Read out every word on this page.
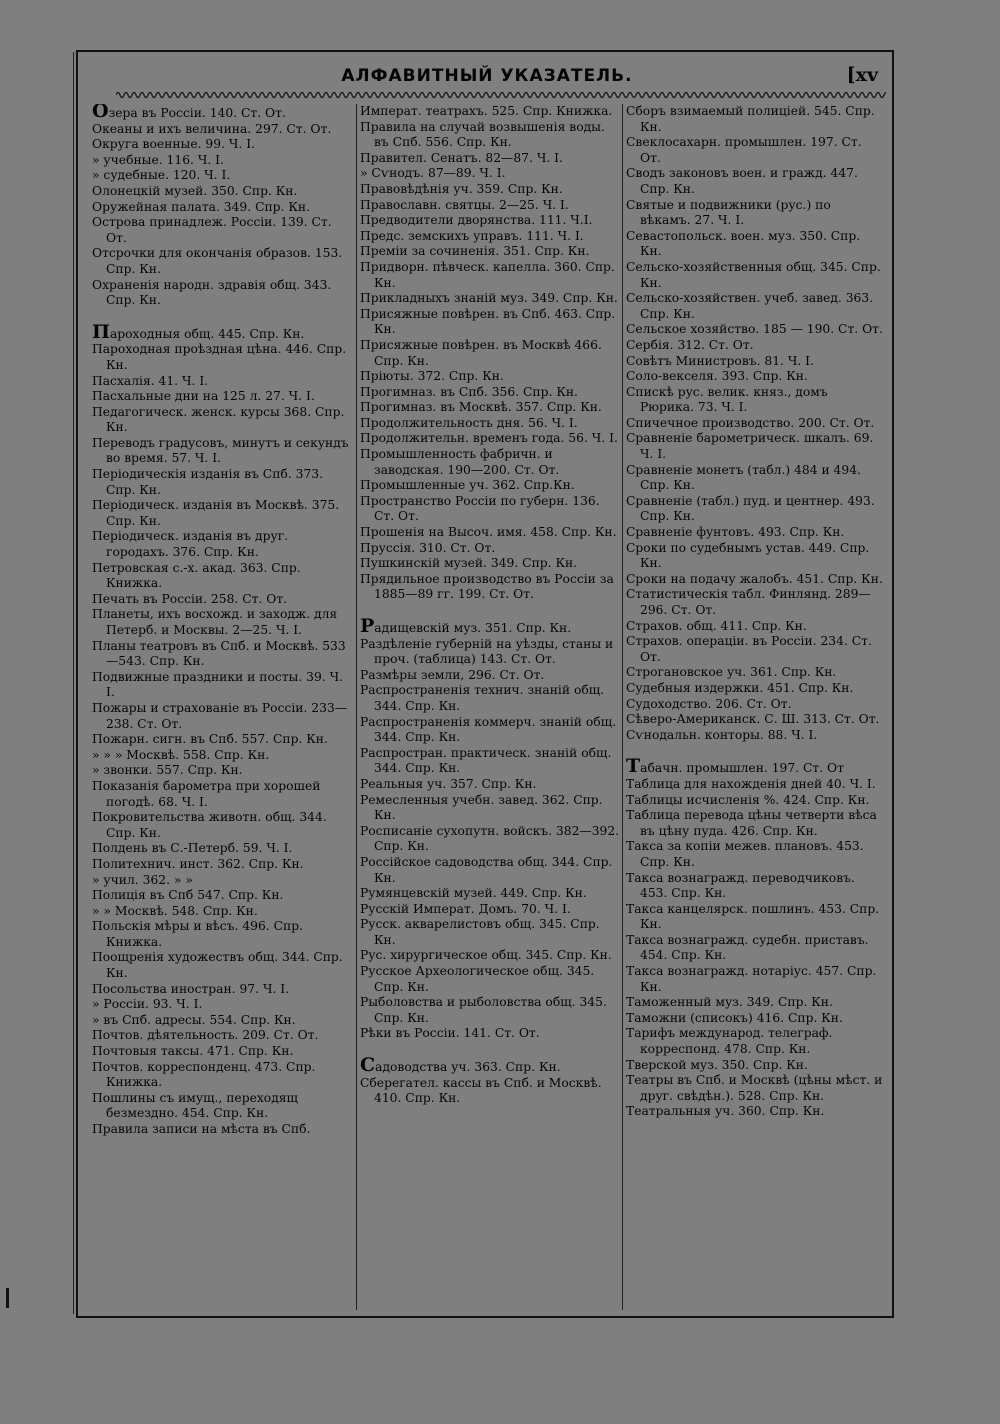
АЛФАВИТНЫЙ УКАЗАТЕЛЬ.	[xv

Озера въ Россіи. 140. Ст. От.

Океаны и ихъ величина. 297. Ст. От.

Округа военные. 99. Ч. I.

» учебные. 116. Ч. I.

» судебные. 120. Ч. I.

Олонецкій музей. 350. Спр. Кн.

Оружейная палата. 349. Спр. Кн.

Острова принадлеж. Россіи. 139. Ст. От.

Отсрочки для окончанія образов. 153. Спр. Кн.

Охраненія народн. здравія общ. 343. Спр. Кн.

Пароходныя общ. 445. Спр. Кн.

Пароходная проѣздная цѣна. 446. Спр. Кн.

Пасхалія. 41. Ч. I.

Пасхальные дни на 125 л. 27. Ч. I.

Педагогическ. женск. курсы 368. Спр. Кн.

Переводъ градусовъ, минутъ и секундъ во время. 57. Ч. I.

Періодическія изданія въ Спб. 373. Спр. Кн.

Періодическ. изданія въ Москвѣ. 375. Спр. Кн.

Періодическ. изданія въ друг. городахъ. 376. Спр. Кн.

Петровская с.-х. акад. 363. Спр. Книжка.

Печать въ Россіи. 258. Ст. От.

Планеты, ихъ восхожд. и заходж. для Петерб. и Москвы. 2—25. Ч. I.

Планы театровъ въ Спб. и Москвѣ. 533—543. Спр. Кн.

Подвижные праздники и посты. 39. Ч. I.

Пожары и страхованіе въ Россіи. 233—238. Ст. От.

Пожарн. сигн. въ Спб. 557. Спр. Кн.

» » » Москвѣ. 558. Спр. Кн.

» звонки. 557. Спр. Кн.

Показанія барометра при хорошей погодѣ. 68. Ч. I.

Покровительства животн. общ. 344. Спр. Кн.

Полдень въ С.-Петерб. 59. Ч. I.

Политехнич. инст. 362. Спр. Кн.

» учил. 362. » »

Полиція въ Спб 547. Спр. Кн.

» » Москвѣ. 548. Спр. Кн.

Польскія мѣры и вѣсъ. 496. Спр. Книжка.

Поощренія художествъ общ. 344. Спр. Кн.

Посольства иностран. 97. Ч. I.

» Россіи. 93. Ч. I.

» въ Спб. адресы. 554. Спр. Кн.

Почтов. дѣятельность. 209. Ст. От.

Почтовыя таксы. 471. Спр. Кн.

Почтов. корреспонденц. 473. Спр. Книжка.

Пошлины съ имущ., переходящ безмездно. 454. Спр. Кн.

Правила записи на мѣста въ Спб.

Императ. театрахъ. 525. Спр. Книжка.

Правила на случай возвышенія воды. въ Спб. 556. Спр. Кн.

Правител. Сенатъ. 82—87. Ч. I.

» Сѵнодъ. 87—89. Ч. I.

Правовѣдѣнія уч. 359. Спр. Кн.

Православн. святцы. 2—25. Ч. I.

Предводители дворянства. 111. Ч.I.

Предс. земскихъ управъ. 111. Ч. I.

Преміи за сочиненія. 351. Спр. Кн.

Придворн. пѣвческ. капелла. 360. Спр. Кн.

Прикладныхъ знаній муз. 349. Спр. Кн.

Присяжные повѣрен. въ Спб. 463. Спр. Кн.

Присяжные повѣрен. въ Москвѣ 466. Спр. Кн.

Пріюты. 372. Спр. Кн.

Прогимназ. въ Спб. 356. Спр. Кн.

Прогимназ. въ Москвѣ. 357. Спр. Кн.

Продолжительность дня. 56. Ч. I.

Продолжительн. временъ года. 56. Ч. I.

Промышленность фабричн. и заводская. 190—200. Ст. От.

Промышленные уч. 362. Спр.Кн.

Пространство Россіи по губерн. 136. Ст. От.

Прошенія на Высоч. имя. 458. Спр. Кн.

Пруссія. 310. Ст. От.

Пушкинскій музей. 349. Спр. Кн.

Прядильное производство въ Россіи за 1885—89 гг. 199. Ст. От.

Радищевскій муз. 351. Спр. Кн.

Раздѣленіе губерній на уѣзды, станы и проч. (таблица) 143. Ст. От.

Размѣры земли, 296. Ст. От.

Распространенія технич. знаній общ. 344. Спр. Кн.

Распространенія коммерч. знаній общ. 344. Спр. Кн.

Распростран. практическ. знаній общ. 344. Спр. Кн.

Реальныя уч. 357. Спр. Кн.

Ремесленныя учебн. завед. 362. Спр. Кн.

Росписаніе сухопутн. войскъ. 382—392. Спр. Кн.

Россійское садоводства общ. 344. Спр. Кн.

Румянцевскій музей. 449. Спр. Кн.

Русскій Императ. Домъ. 70. Ч. I.

Русск. акварелистовъ общ. 345. Спр. Кн.

Рус. хирургическое общ. 345. Спр. Кн.

Русское Археологическое общ. 345. Спр. Кн.

Рыболовства и рыболовства общ. 345. Спр. Кн.

Рѣки въ Россіи. 141. Ст. От.

Садоводства уч. 363. Спр. Кн.

Сберегател. кассы въ Спб. и Москвѣ. 410. Спр. Кн.

Сборъ взимаемый полиціей. 545. Спр. Кн.

Свеклосахарн. промышлен. 197. Ст. От.

Сводъ законовъ воен. и гражд. 447. Спр. Кн.

Святые и подвижники (рус.) по вѣкамъ. 27. Ч. I.

Севастопольск. воен. муз. 350. Спр. Кн.

Сельско-хозяйственныя общ. 345. Спр. Кн.

Сельско-хозяйствен. учеб. завед. 363. Спр. Кн.

Сельское хозяйство. 185 — 190. Ст. От.

Сербія. 312. Ст. От.

Совѣтъ Министровъ. 81. Ч. I.

Соло-векселя. 393. Спр. Кн.

Спискѣ рус. велик. княз., домъ Рюрика. 73. Ч. I.

Спичечное производство. 200. Ст. От.

Сравненіе барометрическ. шкалъ. 69. Ч. I.

Сравненіе монетъ (табл.) 484 и 494. Спр. Кн.

Сравненіе (табл.) пуд. и центнер. 493. Спр. Кн.

Сравненіе фунтовъ. 493. Спр. Кн.

Сроки по судебнымъ устав. 449. Спр. Кн.

Сроки на подачу жалобъ. 451. Спр. Кн.

Статистическія табл. Финлянд. 289—296. Ст. От.

Страхов. общ. 411. Спр. Кн.

Страхов. операціи. въ Россіи. 234. Ст. От.

Строгановское уч. 361. Спр. Кн.

Судебныя издержки. 451. Спр. Кн.

Судоходство. 206. Ст. От.

Сѣверо-Американск. С. Ш. 313. Ст. От.

Сѵнодальн. конторы. 88. Ч. I.

Табачн. промышлен. 197. Ст. От

Таблица для нахожденія дней 40. Ч. I.

Таблицы исчисленія %. 424. Спр. Кн.

Таблица перевода цѣны четверти вѣса въ цѣну пуда. 426. Спр. Кн.

Такса за копіи межев. плановъ. 453. Спр. Кн.

Такса вознагражд. переводчиковъ. 453. Спр. Кн.

Такса канцелярск. пошлинъ. 453. Спр. Кн.

Такса вознагражд. судебн. приставъ. 454. Спр. Кн.

Такса вознагражд. нотаріус. 457. Спр. Кн.

Таможенный муз. 349. Спр. Кн.

Таможни (списокъ) 416. Спр. Кн.

Тарифъ международ. телеграф. корреспонд. 478. Спр. Кн.

Тверской муз. 350. Спр. Кн.

Театры въ Спб. и Москвѣ (цѣны мѣст. и друг. свѣдѣн.). 528. Спр. Кн.

Театральныя уч. 360. Спр. Кн.
